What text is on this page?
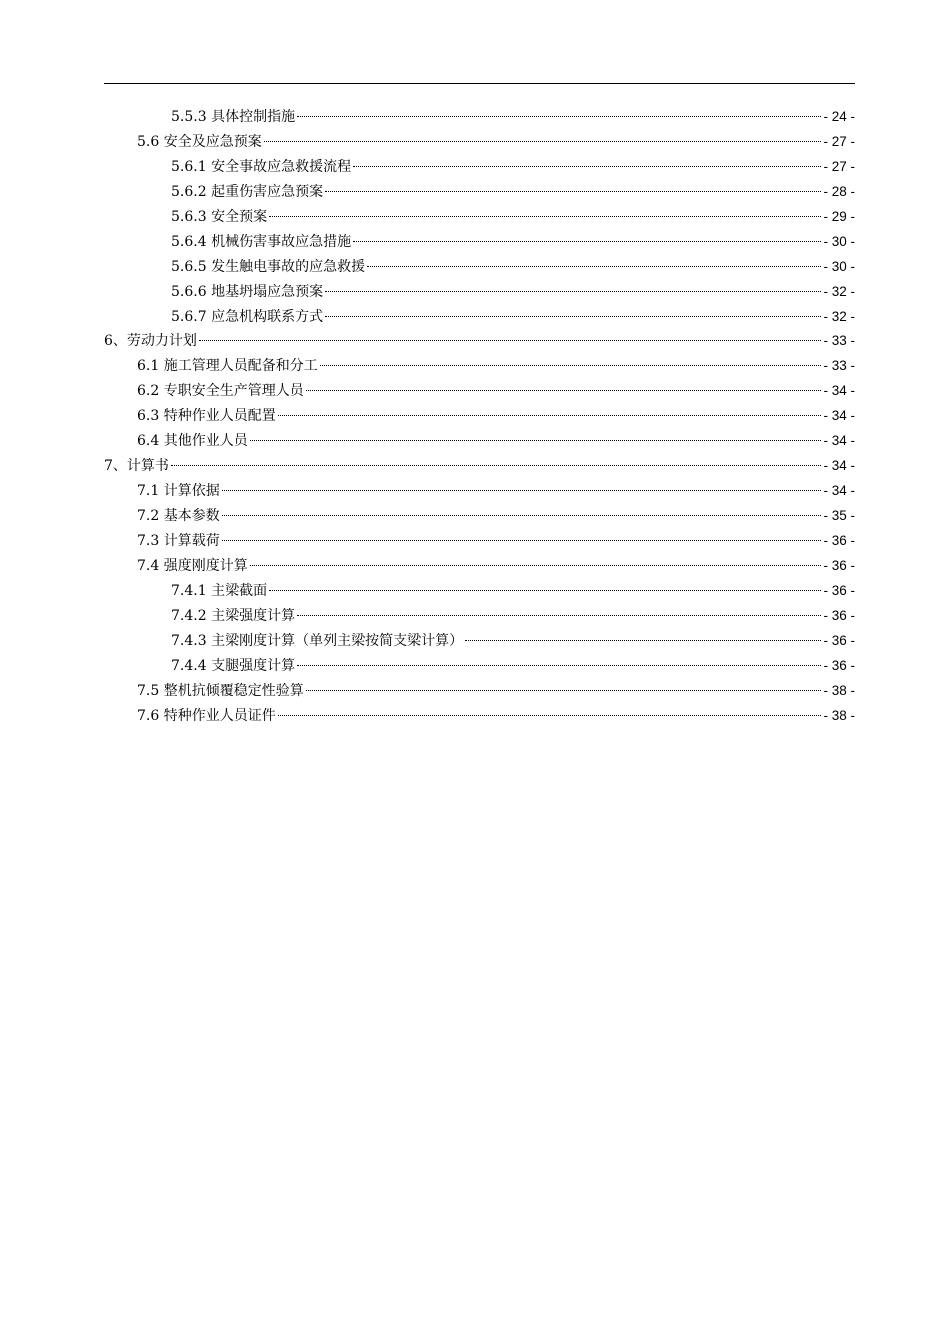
5.5.3 具体控制指施	- 24 -
5.6 安全及应急预案	- 27 -
5.6.1 安全事故应急救援流程	- 27 -
5.6.2 起重伤害应急预案	- 28 -
5.6.3 安全预案	- 29 -
5.6.4 机械伤害事故应急措施	- 30 -
5.6.5 发生触电事故的应急救援	- 30 -
5.6.6 地基坍塌应急预案	- 32 -
5.6.7 应急机构联系方式	- 32 -
6、劳动力计划	- 33 -
6.1 施工管理人员配备和分工	- 33 -
6.2 专职安全生产管理人员	- 34 -
6.3 特种作业人员配置	- 34 -
6.4 其他作业人员	- 34 -
7、计算书	- 34 -
7.1 计算依据	- 34 -
7.2 基本参数	- 35 -
7.3 计算载荷	- 36 -
7.4 强度刚度计算	- 36 -
7.4.1 主梁截面	- 36 -
7.4.2 主梁强度计算	- 36 -
7.4.3 主梁刚度计算（单列主梁按简支梁计算）	- 36 -
7.4.4 支腿强度计算	- 36 -
7.5 整机抗倾覆稳定性验算	- 38 -
7.6 特种作业人员证件	- 38 -
